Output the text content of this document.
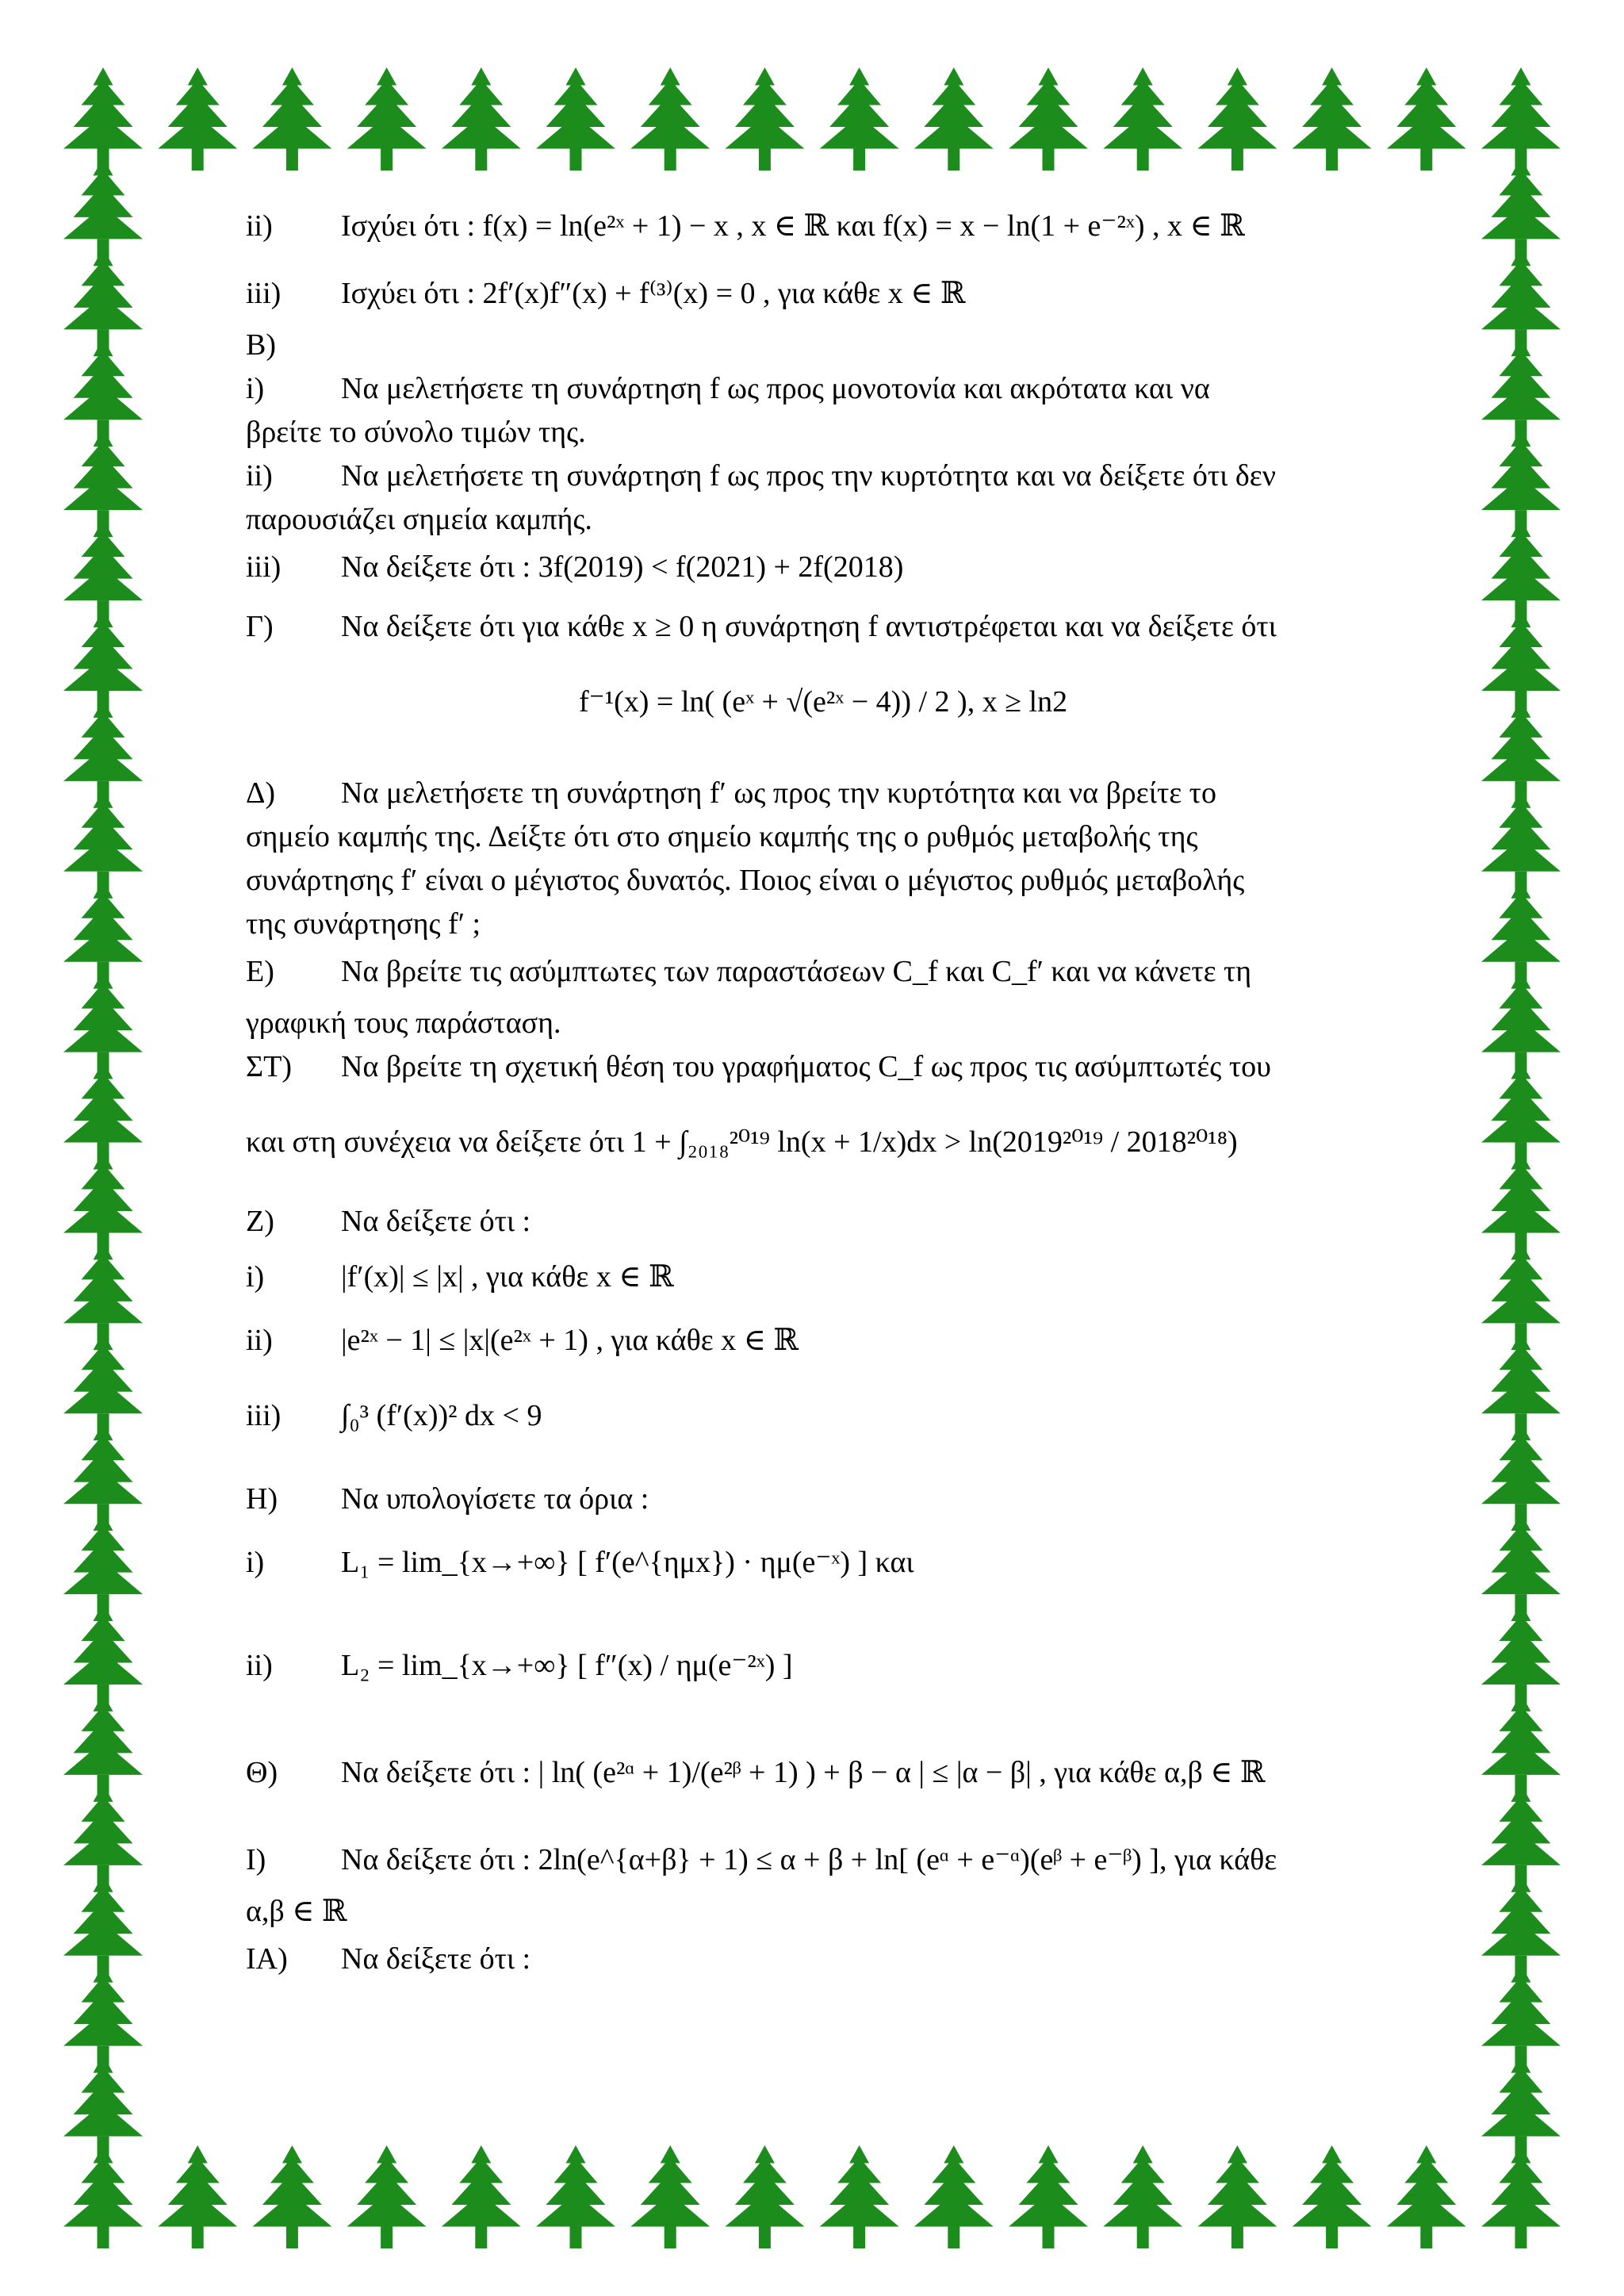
ii) Ισχύει ότι : f(x) = ln(e²ˣ + 1) − x , x ∈ ℝ και f(x) = x − ln(1 + e⁻²ˣ) , x ∈ ℝ
iii) Ισχύει ότι : 2f′(x)f″(x) + f⁽³⁾(x) = 0 , για κάθε x ∈ ℝ
Β)
i)	Να μελετήσετε τη συνάρτηση f ως προς μονοτονία και ακρότατα και να
βρείτε το σύνολο τιμών της.
ii) Να μελετήσετε τη συνάρτηση f ως προς την κυρτότητα και να δείξετε ότι δεν
παρουσιάζει σημεία καμπής.
iii) Να δείξετε ότι : 3f(2019) < f(2021) + 2f(2018)
Γ) Να δείξετε ότι για κάθε x ≥ 0 η συνάρτηση f αντιστρέφεται και να δείξετε ότι
f⁻¹(x) = ln( (eˣ + √(e²ˣ − 4)) / 2 ), x ≥ ln2
Δ) Να μελετήσετε τη συνάρτηση f′ ως προς την κυρτότητα και να βρείτε το
σημείο καμπής της. Δείξτε ότι στο σημείο καμπής της ο ρυθμός μεταβολής της
συνάρτησης f′ είναι ο μέγιστος δυνατός. Ποιος είναι ο μέγιστος ρυθμός μεταβολής
της συνάρτησης f′ ;
Ε) Να βρείτε τις ασύμπτωτες των παραστάσεων C_f και C_f′ και να κάνετε τη
γραφική τους παράσταση.
ΣΤ) Να βρείτε τη σχετική θέση του γραφήματος C_f ως προς τις ασύμπτωτές του
και στη συνέχεια να δείξετε ότι 1 + ∫₂₀₁₈²⁰¹⁹ ln(x + 1/x)dx > ln(2019²⁰¹⁹ / 2018²⁰¹⁸)
Ζ) Να δείξετε ότι :
i)	|f′(x)| ≤ |x| , για κάθε x ∈ ℝ
ii) |e²ˣ − 1| ≤ |x|(e²ˣ + 1) , για κάθε x ∈ ℝ
iii) ∫₀³ (f′(x))² dx < 9
Η) Να υπολογίσετε τα όρια :
i)	L₁ = lim_{x→+∞} [ f′(e^{ημx}) · ημ(e⁻ˣ) ] και
ii) L₂ = lim_{x→+∞} [ f″(x) / ημ(e⁻²ˣ) ]
Θ) Να δείξετε ότι : | ln( (e²ᵅ + 1)/(e²ᵝ + 1) ) + β − α | ≤ |α − β| , για κάθε α,β ∈ ℝ
Ι) Να δείξετε ότι : 2ln(e^{α+β} + 1) ≤ α + β + ln[ (eᵅ + e⁻ᵅ)(eᵝ + e⁻ᵝ) ], για κάθε
α,β ∈ ℝ
ΙΑ) Να δείξετε ότι :
